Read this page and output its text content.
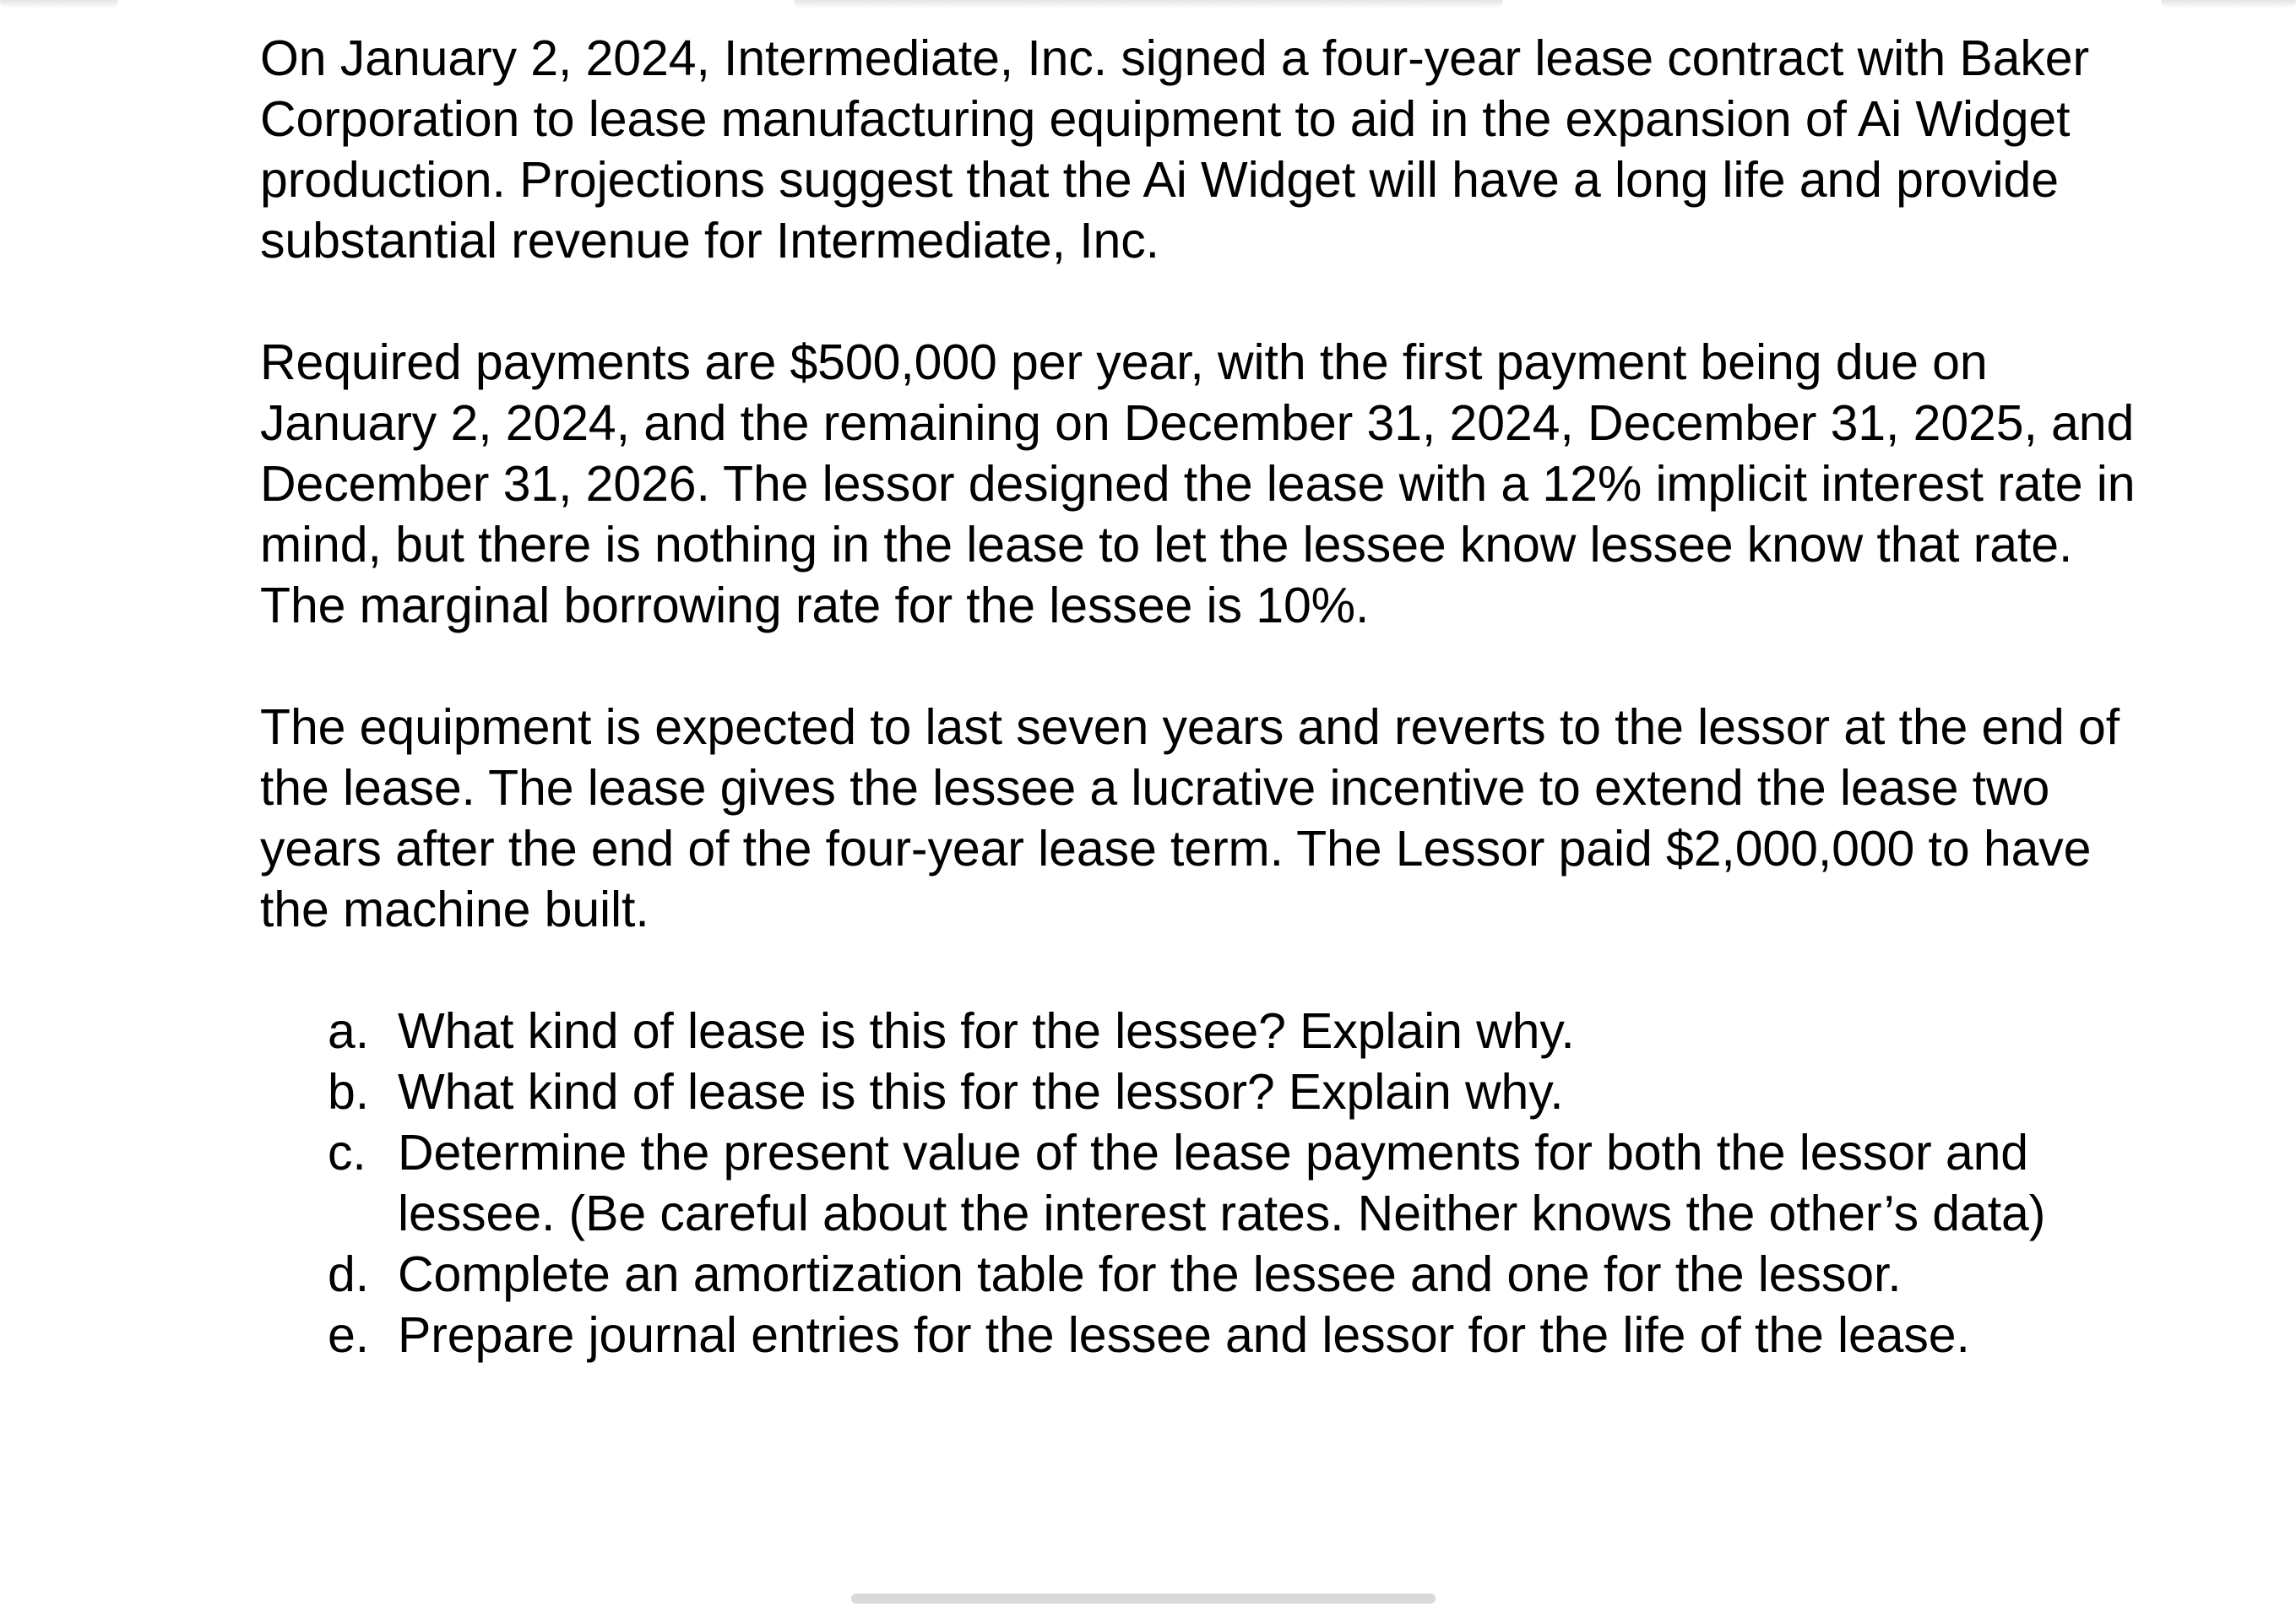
On January 2, 2024, Intermediate, Inc. signed a four-year lease contract with Baker Corporation to lease manufacturing equipment to aid in the expansion of Ai Widget production. Projections suggest that the Ai Widget will have a long life and provide substantial revenue for Intermediate, Inc.

Required payments are $500,000 per year, with the first payment being due on January 2, 2024, and the remaining on December 31, 2024, December 31, 2025, and December 31, 2026. The lessor designed the lease with a 12% implicit interest rate in mind, but there is nothing in the lease to let the lessee know lessee know that rate. The marginal borrowing rate for the lessee is 10%.

The equipment is expected to last seven years and reverts to the lessor at the end of the lease. The lease gives the lessee a lucrative incentive to extend the lease two years after the end of the four-year lease term. The Lessor paid $2,000,000 to have the machine built.

a. What kind of lease is this for the lessee? Explain why.
b. What kind of lease is this for the lessor? Explain why.
c. Determine the present value of the lease payments for both the lessor and lessee. (Be careful about the interest rates. Neither knows the other’s data)
d. Complete an amortization table for the lessee and one for the lessor.
e. Prepare journal entries for the lessee and lessor for the life of the lease.
